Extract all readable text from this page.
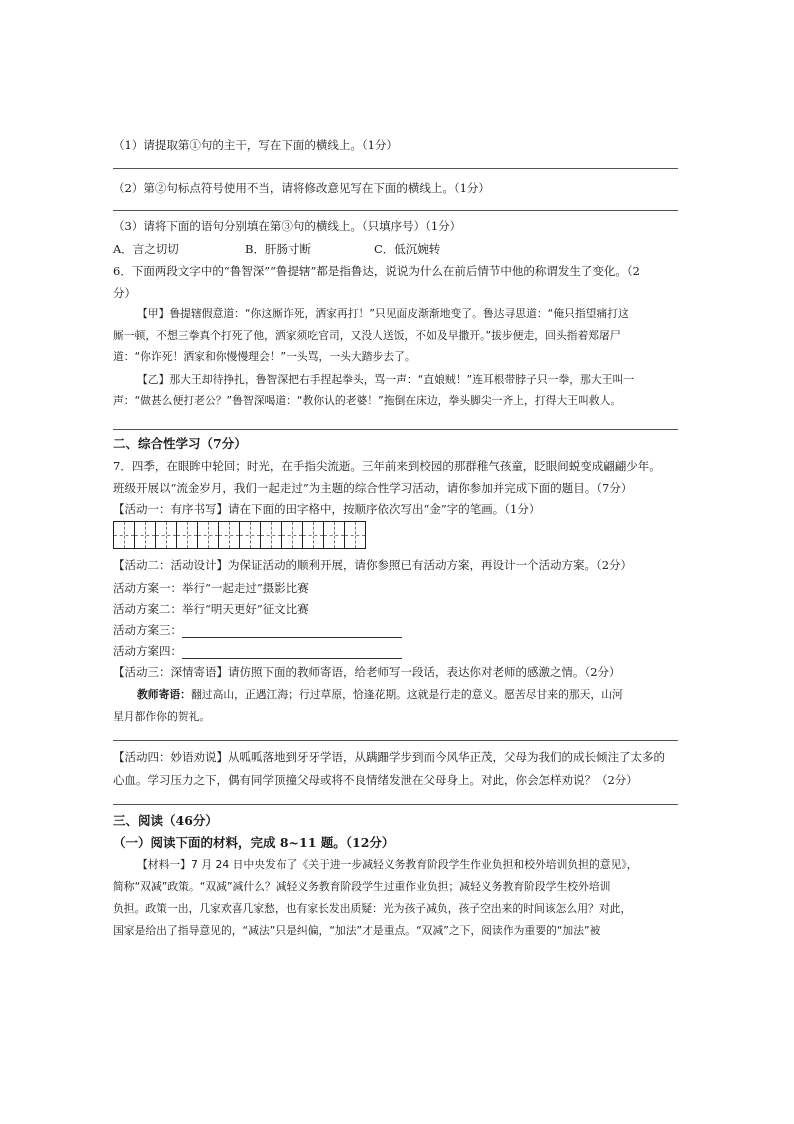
（1）请提取第①句的主干，写在下面的横线上。（1分）
（2）第②句标点符号使用不当，请将修改意见写在下面的横线上。（1分）
（3）请将下面的语句分别填在第③句的横线上。（只填序号）（1分）
A．言之切切	B．肝肠寸断	C．低沉婉转
6．下面两段文字中的“鲁智深”“鲁提辖”都是指鲁达，说说为什么在前后情节中他的称谓发生了变化。（2
分）
【甲】鲁提辖假意道：“你这厮诈死，洒家再打！”只见面皮渐渐地变了。鲁达寻思道：“俺只指望痛打这
厮一顿，不想三拳真个打死了他，洒家须吃官司，又没人送饭，不如及早撒开。”拔步便走，回头指着郑屠尸
道：“你诈死！洒家和你慢慢理会！”一头骂，一头大踏步去了。
【乙】那大王却待挣扎，鲁智深把右手捏起拳头，骂一声：“直娘贼！”连耳根带脖子只一拳，那大王叫一
声：“做甚么便打老公？”鲁智深喝道：“教你认的老婆！”拖倒在床边，拳头脚尖一齐上，打得大王叫救人。
二、综合性学习（7分）
7．四季，在眼眸中轮回；时光，在手指尖流逝。三年前来到校园的那群稚气孩童，眨眼间蜕变成翩翩少年。
班级开展以“流金岁月，我们一起走过”为主题的综合性学习活动，请你参加并完成下面的题目。（7分）
【活动一：有序书写】请在下面的田字格中，按顺序依次写出“金”字的笔画。（1分）
【活动二：活动设计】为保证活动的顺利开展，请你参照已有活动方案，再设计一个活动方案。（2分）
活动方案一：举行“一起走过”摄影比赛
活动方案二：举行“明天更好”征文比赛
活动方案三：
活动方案四：
【活动三：深情寄语】请仿照下面的教师寄语，给老师写一段话，表达你对老师的感激之情。（2分）
教师寄语：翻过高山，正遇江海；行过草原，恰逢花期。这就是行走的意义。愿苦尽甘来的那天，山河
星月都作你的贺礼。
【活动四：妙语劝说】从呱呱落地到牙牙学语，从蹒跚学步到而今风华正茂，父母为我们的成长倾注了太多的
心血。学习压力之下，偶有同学顶撞父母或将不良情绪发泄在父母身上。对此，你会怎样劝说？（2分）
三、阅读（46分）
（一）阅读下面的材料，完成 8~11 题。（12分）
【材料一】7 月 24 日中央发布了《关于进一步减轻义务教育阶段学生作业负担和校外培训负担的意见》，
简称“双减”政策。“双减”减什么？减轻义务教育阶段学生过重作业负担；减轻义务教育阶段学生校外培训
负担。政策一出，几家欢喜几家愁，也有家长发出质疑：光为孩子减负，孩子空出来的时间该怎么用？对此，
国家是给出了指导意见的，“减法”只是纠偏，“加法”才是重点。“双减”之下，阅读作为重要的“加法”被
